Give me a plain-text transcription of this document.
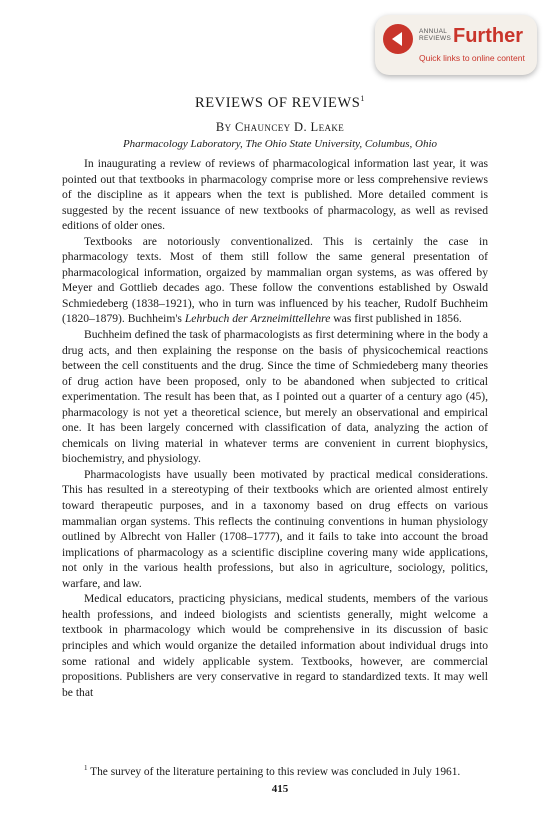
ANNUAL
REVIEWS Further
Quick links to online content
REVIEWS OF REVIEWS$^1$
By Chauncey D. Leake
Pharmacology Laboratory, The Ohio State University, Columbus, Ohio

In inaugurating a review of reviews of pharmacological information last year, it was pointed out that textbooks in pharmacology comprise more or less comprehensive reviews of the discipline as it appears when the text is published. More detailed comment is suggested by the recent issuance of new textbooks of pharmacology, as well as revised editions of older ones.

Textbooks are notoriously conventionalized. This is certainly the case in pharmacology texts. Most of them still follow the same general presentation of pharmacological information, orgaized by mammalian organ systems, as was offered by Meyer and Gottlieb decades ago. These follow the conventions established by Oswald Schmiedeberg (1838–1921), who in turn was influenced by his teacher, Rudolf Buchheim (1820–1879). Buchheim's Lehrbuch der Arzneimittellehre was first published in 1856.

Buchheim defined the task of pharmacologists as first determining where in the body a drug acts, and then explaining the response on the basis of physicochemical reactions between the cell constituents and the drug. Since the time of Schmiedeberg many theories of drug action have been proposed, only to be abandoned when subjected to critical experimentation. The result has been that, as I pointed out a quarter of a century ago (45), pharmacology is not yet a theoretical science, but merely an observational and empirical one. It has been largely concerned with classification of data, analyzing the action of chemicals on living material in whatever terms are convenient in current biophysics, biochemistry, and physiology.

Pharmacologists have usually been motivated by practical medical considerations. This has resulted in a stereotyping of their textbooks which are oriented almost entirely toward therapeutic purposes, and in a taxonomy based on drug effects on various mammalian organ systems. This reflects the continuing conventions in human physiology outlined by Albrecht von Haller (1708–1777), and it fails to take into account the broad implications of pharmacology as a scientific discipline covering many wide applications, not only in the various health professions, but also in agriculture, sociology, politics, warfare, and law.

Medical educators, practicing physicians, medical students, members of the various health professions, and indeed biologists and scientists generally, might welcome a textbook in pharmacology which would be comprehensive in its discussion of basic principles and which would organize the detailed information about individual drugs into some rational and widely applicable system. Textbooks, however, are commercial propositions. Publishers are very conservative in regard to standardized texts. It may well be that

$^1$ The survey of the literature pertaining to this review was concluded in July 1961.
415
